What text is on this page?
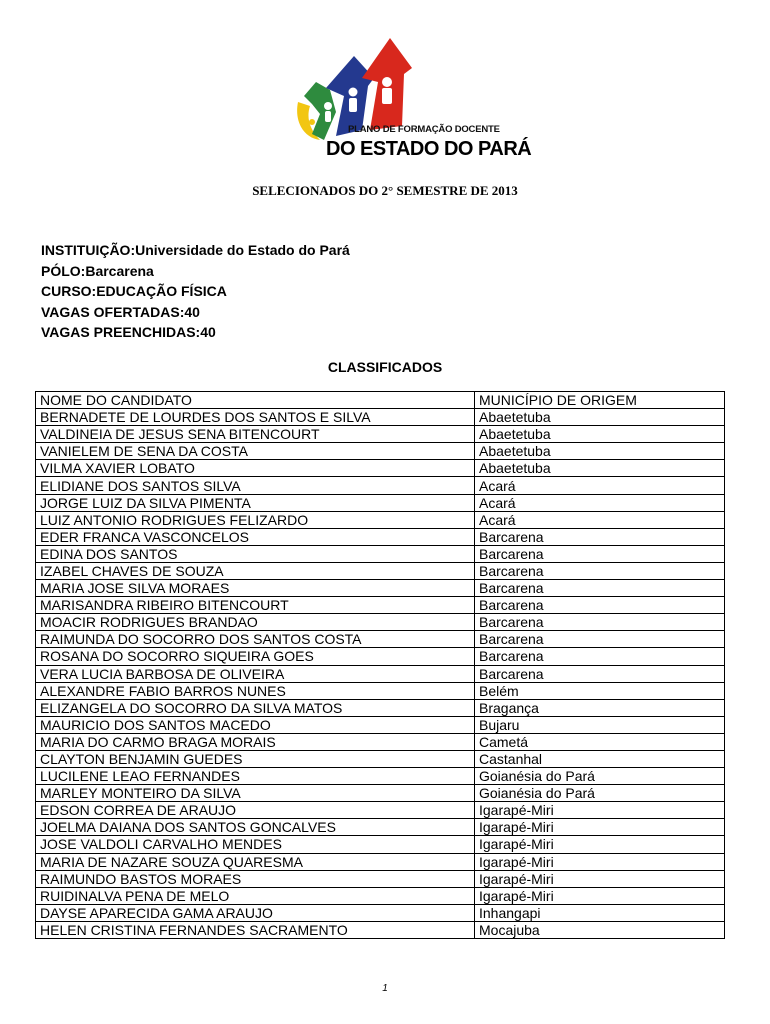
PLANO DE FORMAÇÃO DOCENTE
DO ESTADO DO PARÁ
SELECIONADOS DO 2° SEMESTRE DE 2013
INSTITUIÇÃO:Universidade do Estado do Pará
PÓLO:Barcarena
CURSO:EDUCAÇÃO FÍSICA
VAGAS OFERTADAS:40
VAGAS PREENCHIDAS:40
CLASSIFICADOS
NOME DO CANDIDATO	MUNICÍPIO DE ORIGEM
BERNADETE DE LOURDES DOS SANTOS E SILVA	Abaetetuba
VALDINEIA DE JESUS SENA BITENCOURT	Abaetetuba
VANIELEM DE SENA DA COSTA	Abaetetuba
VILMA XAVIER LOBATO	Abaetetuba
ELIDIANE DOS SANTOS SILVA	Acará
JORGE LUIZ DA SILVA PIMENTA	Acará
LUIZ ANTONIO RODRIGUES FELIZARDO	Acará
EDER FRANCA VASCONCELOS	Barcarena
EDINA DOS SANTOS	Barcarena
IZABEL CHAVES DE SOUZA	Barcarena
MARIA JOSE SILVA MORAES	Barcarena
MARISANDRA RIBEIRO BITENCOURT	Barcarena
MOACIR RODRIGUES BRANDAO	Barcarena
RAIMUNDA DO SOCORRO DOS SANTOS COSTA	Barcarena
ROSANA DO SOCORRO SIQUEIRA GOES	Barcarena
VERA LUCIA BARBOSA DE OLIVEIRA	Barcarena
ALEXANDRE FABIO BARROS NUNES	Belém
ELIZANGELA DO SOCORRO DA SILVA MATOS	Bragança
MAURICIO DOS SANTOS MACEDO	Bujaru
MARIA DO CARMO BRAGA MORAIS	Cametá
CLAYTON BENJAMIN GUEDES	Castanhal
LUCILENE LEAO FERNANDES	Goianésia do Pará
MARLEY MONTEIRO DA SILVA	Goianésia do Pará
EDSON CORREA DE ARAUJO	Igarapé-Miri
JOELMA DAIANA DOS SANTOS GONCALVES	Igarapé-Miri
JOSE VALDOLI CARVALHO MENDES	Igarapé-Miri
MARIA DE NAZARE SOUZA QUARESMA	Igarapé-Miri
RAIMUNDO BASTOS MORAES	Igarapé-Miri
RUIDINALVA PENA DE MELO	Igarapé-Miri
DAYSE APARECIDA GAMA ARAUJO	Inhangapi
HELEN CRISTINA FERNANDES SACRAMENTO	Mocajuba
1
